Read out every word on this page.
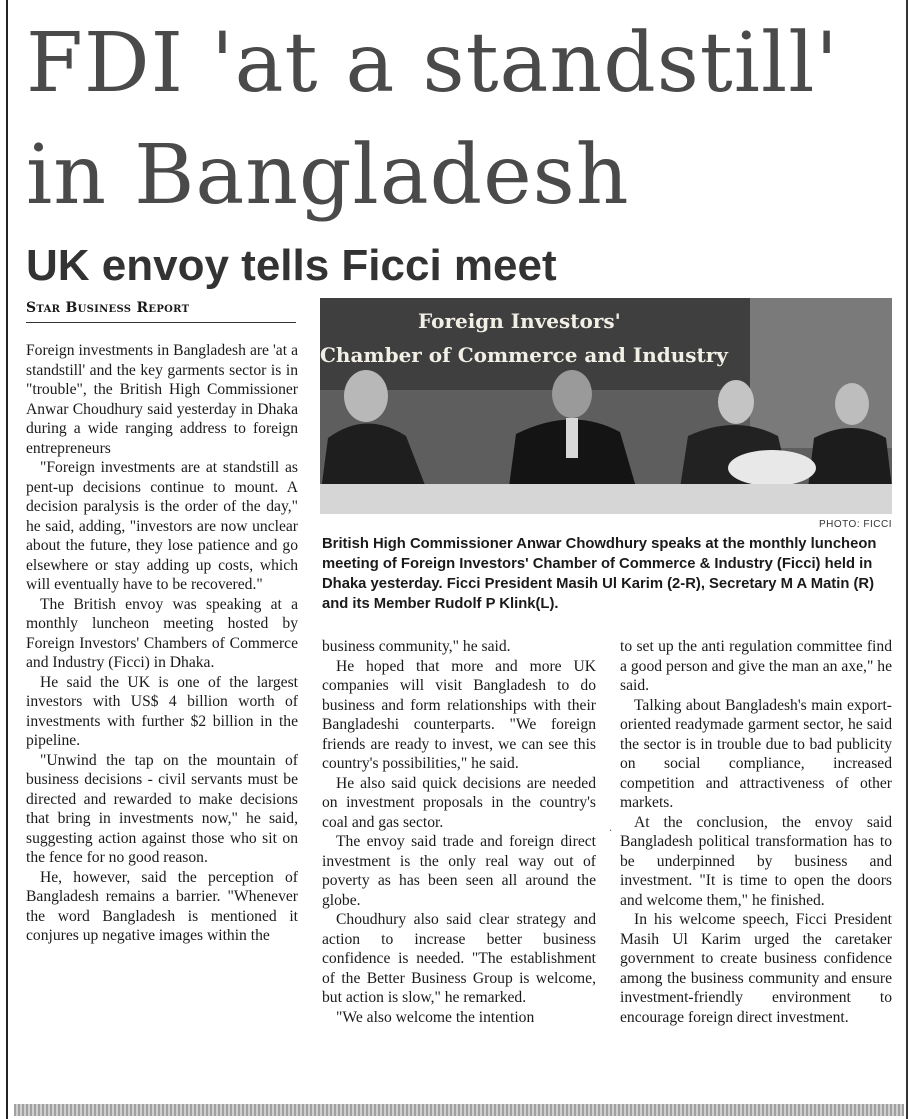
FDI 'at a standstill'
in Bangladesh
UK envoy tells Ficci meet
Star Business Report
Foreign Investors'
Chamber of Commerce and Industry
PHOTO: FICCI
British High Commissioner Anwar Chowdhury speaks at the monthly luncheon meeting of Foreign Investors' Chamber of Commerce & Industry (Ficci) held in Dhaka yesterday. Ficci President Masih Ul Karim (2-R), Secretary M A Matin (R) and its Member Rudolf P Klink(L).

Foreign investments in Bangladesh are 'at a standstill' and the key garments sector is in "trouble", the British High Commissioner Anwar Choudhury said yesterday in Dhaka during a wide ranging address to foreign entrepreneurs

"Foreign investments are at standstill as pent-up decisions continue to mount. A decision paralysis is the order of the day," he said, adding, "investors are now unclear about the future, they lose patience and go elsewhere or stay adding up costs, which will eventually have to be recovered."

The British envoy was speaking at a monthly luncheon meeting hosted by Foreign Investors' Chambers of Commerce and Industry (Ficci) in Dhaka.

He said the UK is one of the largest investors with US$ 4 billion worth of investments with further $2 billion in the pipeline.

"Unwind the tap on the mountain of business decisions - civil servants must be directed and rewarded to make decisions that bring in investments now," he said, suggesting action against those who sit on the fence for no good reason.

He, however, said the perception of Bangladesh remains a barrier. "Whenever the word Bangladesh is mentioned it conjures up negative images within the

business community," he said.

He hoped that more and more UK companies will visit Bangladesh to do business and form relationships with their Bangladeshi counterparts. "We foreign friends are ready to invest, we can see this country's possibilities," he said.

He also said quick decisions are needed on investment proposals in the country's coal and gas sector.

The envoy said trade and foreign direct investment is the only real way out of poverty as has been seen all around the globe.

Choudhury also said clear strategy and action to increase better business confidence is needed. "The establishment of the Better Business Group is welcome, but action is slow," he remarked.

"We also welcome the intention

to set up the anti regulation committee find a good person and give the man an axe," he said.

Talking about Bangladesh's main export-oriented readymade garment sector, he said the sector is in trouble due to bad publicity on social compliance, increased competition and attractiveness of other markets.

At the conclusion, the envoy said Bangladesh political transformation has to be underpinned by business and investment. "It is time to open the doors and welcome them," he finished.

In his welcome speech, Ficci President Masih Ul Karim urged the caretaker government to create business confidence among the business community and ensure investment-friendly environment to encourage foreign direct investment.

·
